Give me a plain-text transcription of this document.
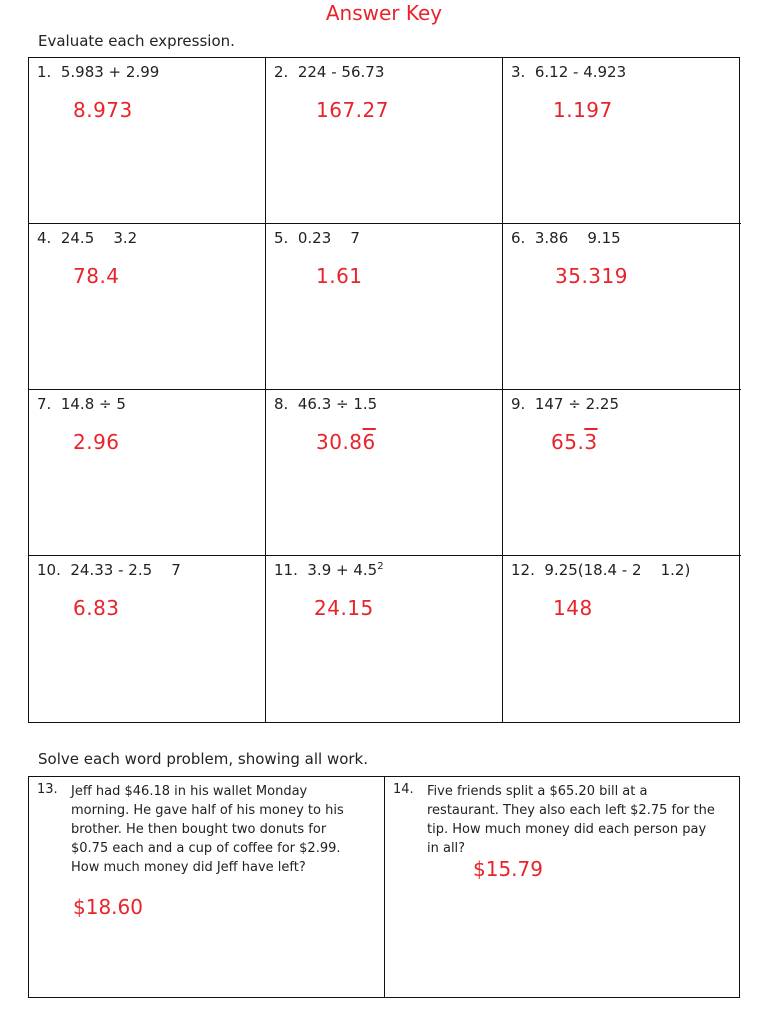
Answer Key
Evaluate each expression.
1.  5.983 + 2.99
8.973
2.  224 - 56.73
167.27
3.  6.12 - 4.923
1.197
4.  24.5    3.2
78.4
5.  0.23    7
1.61
6.  3.86    9.15
35.319
7.  14.8 ÷ 5
2.96
8.  46.3 ÷ 1.5
30.86
9.  147 ÷ 2.25
65.3
10.  24.33 - 2.5    7
6.83
11.  $3.9 + 4.5^2$
24.15
12.  9.25(18.4 - 2    1.2)
148
Solve each word problem, showing all work.
13. Jeff had $46.18 in his wallet Monday morning. He gave half of his money to his brother. He then bought two donuts for $0.75 each and a cup of coffee for $2.99. How much money did Jeff have left?
$18.60
14. Five friends split a $65.20 bill at a restaurant. They also each left $2.75 for the tip. How much money did each person pay in all?
$15.79
